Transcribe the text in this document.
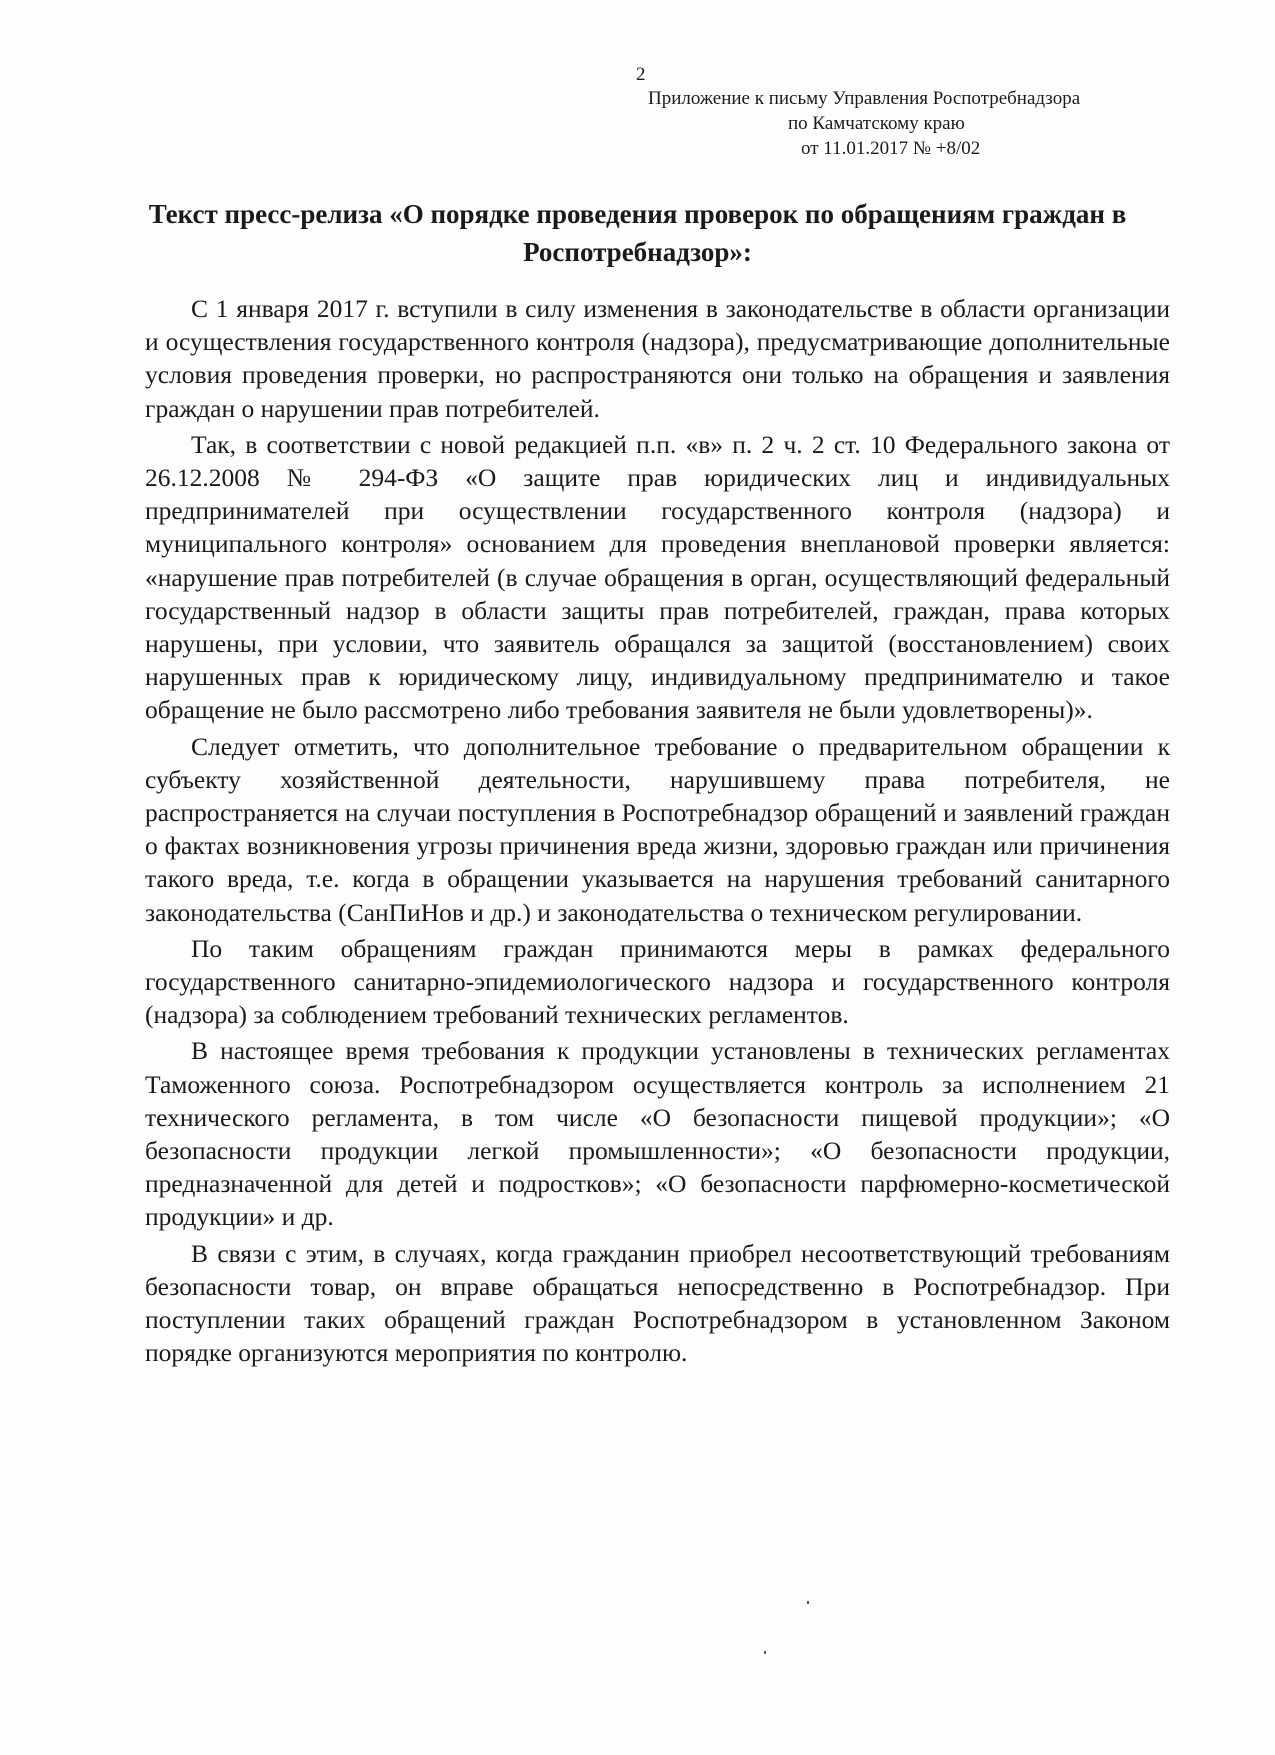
2
Приложение к письму Управления Роспотребнадзора
по Камчатскому краю
от 11.01.2017 № +8/02
Текст пресс-релиза «О порядке проведения проверок по обращениям граждан в Роспотребнадзор»:

С 1 января 2017 г. вступили в силу изменения в законодательстве в области организации и осуществления государственного контроля (надзора), предусматривающие дополнительные условия проведения проверки, но распространяются они только на обращения и заявления граждан о нарушении прав потребителей.

Так, в соответствии с новой редакцией п.п. «в» п. 2 ч. 2 ст. 10 Федерального закона от 26.12.2008 № 294-ФЗ «О защите прав юридических лиц и индивидуальных предпринимателей при осуществлении государственного контроля (надзора) и муниципального контроля» основанием для проведения внеплановой проверки является: «нарушение прав потребителей (в случае обращения в орган, осуществляющий федеральный государственный надзор в области защиты прав потребителей, граждан, права которых нарушены, при условии, что заявитель обращался за защитой (восстановлением) своих нарушенных прав к юридическому лицу, индивидуальному предпринимателю и такое обращение не было рассмотрено либо требования заявителя не были удовлетворены)».

Следует отметить, что дополнительное требование о предварительном обращении к субъекту хозяйственной деятельности, нарушившему права потребителя, не распространяется на случаи поступления в Роспотребнадзор обращений и заявлений граждан о фактах возникновения угрозы причинения вреда жизни, здоровью граждан или причинения такого вреда, т.е. когда в обращении указывается на нарушения требований санитарного законодательства (СанПиНов и др.) и законодательства о техническом регулировании.

По таким обращениям граждан принимаются меры в рамках федерального государственного санитарно-эпидемиологического надзора и государственного контроля (надзора) за соблюдением требований технических регламентов.

В настоящее время требования к продукции установлены в технических регламентах Таможенного союза. Роспотребнадзором осуществляется контроль за исполнением 21 технического регламента, в том числе «О безопасности пищевой продукции»; «О безопасности продукции легкой промышленности»; «О безопасности продукции, предназначенной для детей и подростков»; «О безопасности парфюмерно-косметической продукции» и др.

В связи с этим, в случаях, когда гражданин приобрел несоответствующий требованиям безопасности товар, он вправе обращаться непосредственно в Роспотребнадзор. При поступлении таких обращений граждан Роспотребнадзором в установленном Законом порядке организуются мероприятия по контролю.
